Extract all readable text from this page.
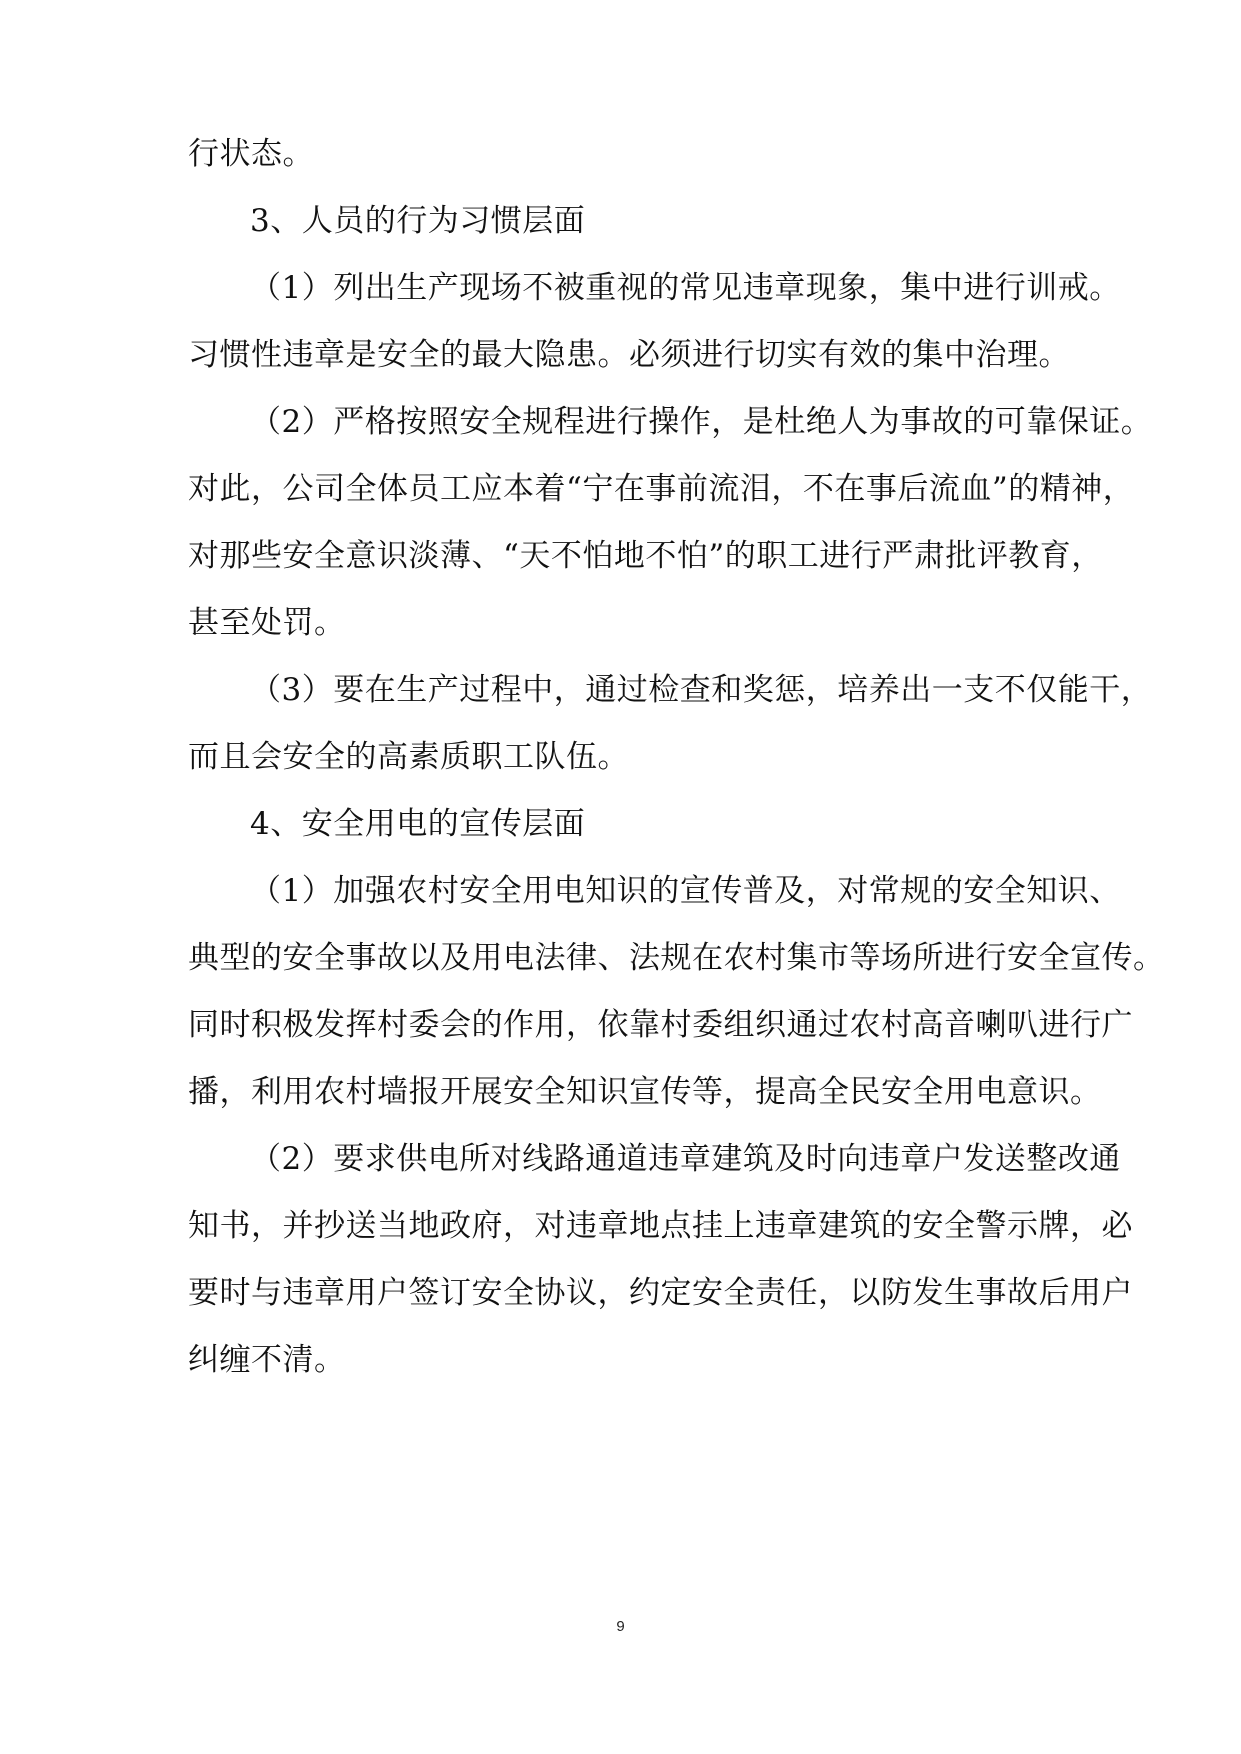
行状态。
3、人员的行为习惯层面
（1）列出生产现场不被重视的常见违章现象，集中进行训戒。
习惯性违章是安全的最大隐患。必须进行切实有效的集中治理。
（2）严格按照安全规程进行操作，是杜绝人为事故的可靠保证。
对此，公司全体员工应本着“宁在事前流泪，不在事后流血”的精神，
对那些安全意识淡薄、“天不怕地不怕”的职工进行严肃批评教育，
甚至处罚。
（3）要在生产过程中，通过检查和奖惩，培养出一支不仅能干，
而且会安全的高素质职工队伍。
4、安全用电的宣传层面
（1）加强农村安全用电知识的宣传普及，对常规的安全知识、
典型的安全事故以及用电法律、法规在农村集市等场所进行安全宣传。
同时积极发挥村委会的作用，依靠村委组织通过农村高音喇叭进行广
播，利用农村墙报开展安全知识宣传等，提高全民安全用电意识。
（2）要求供电所对线路通道违章建筑及时向违章户发送整改通
知书，并抄送当地政府，对违章地点挂上违章建筑的安全警示牌，必
要时与违章用户签订安全协议，约定安全责任，以防发生事故后用户
纠缠不清。
9
